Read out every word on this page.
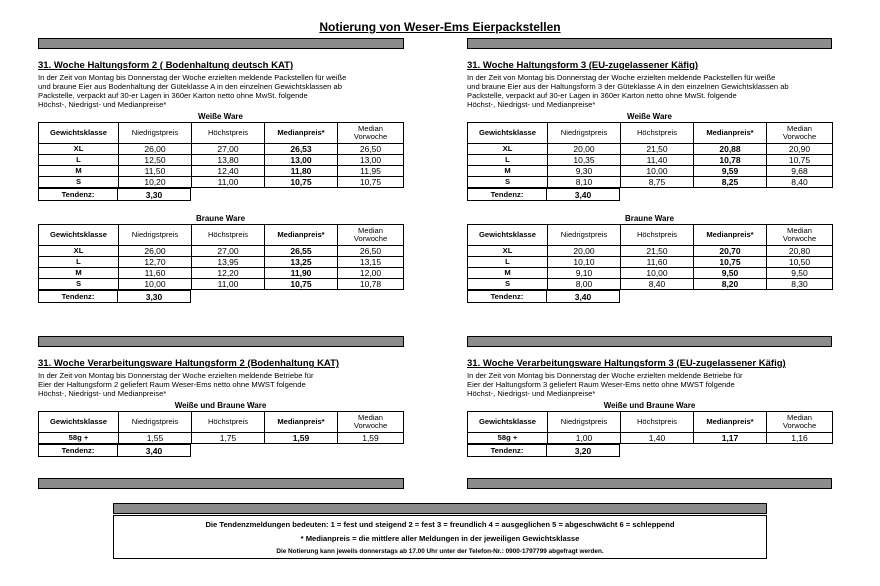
Notierung von Weser-Ems Eierpackstellen
31. Woche Haltungsform 2 ( Bodenhaltung deutsch KAT)
In der Zeit von Montag bis Donnerstag der Woche erzielten meldende Packstellen für weiße
und braune Eier aus Bodenhaltung der Güteklasse A in den einzelnen Gewichtsklassen ab
Packstelle, verpackt auf 30-er Lagen in 360er Karton netto ohne MwSt. folgende
Höchst-, Niedrigst- und Medianpreise*
Weiße Ware
Gewichtsklasse	Niedrigstpreis	Höchstpreis	Medianpreis*	Median
Vorwoche

XL	26,00	27,00	26,53	26,50
L	12,50	13,80	13,00	13,00
M	11,50	12,40	11,80	11,95
S	10,20	11,00	10,75	10,75
Tendenz:	3,30
Braune Ware
Gewichtsklasse	Niedrigstpreis	Höchstpreis	Medianpreis*	Median
Vorwoche

XL	26,00	27,00	26,55	26,50
L	12,70	13,95	13,25	13,15
M	11,60	12,20	11,90	12,00
S	10,00	11,00	10,75	10,78
Tendenz:	3,30
31. Woche Verarbeitungsware Haltungsform 2 (Bodenhaltung KAT)
In der Zeit von Montag bis Donnerstag der Woche erzielten meldende Betriebe für
Eier der Haltungsform 2 geliefert Raum Weser-Ems netto ohne MWST folgende
Höchst-, Niedrigst- und Medianpreise*
Weiße und Braune Ware
Gewichtsklasse	Niedrigstpreis	Höchstpreis	Medianpreis*	Median
Vorwoche

58g +	1,55	1,75	1,59	1,59
Tendenz:	3,40
31. Woche Haltungsform 3 (EU-zugelassener Käfig)
In der Zeit von Montag bis Donnerstag der Woche erzielten meldende Packstellen für weiße
und braune Eier aus der Haltungsform 3 der Güteklasse A in den einzelnen Gewichtsklassen ab
Packstelle, verpackt auf 30-er Lagen in 360er Karton netto ohne MwSt. folgende
Höchst-, Niedrigst- und Medianpreise*
Weiße Ware
Gewichtsklasse	Niedrigstpreis	Höchstpreis	Medianpreis*	Median
Vorwoche

XL	20,00	21,50	20,88	20,90
L	10,35	11,40	10,78	10,75
M	9,30	10,00	9,59	9,68
S	8,10	8,75	8,25	8,40
Tendenz:	3,40
Braune Ware
Gewichtsklasse	Niedrigstpreis	Höchstpreis	Medianpreis*	Median
Vorwoche

XL	20,00	21,50	20,70	20,80
L	10,10	11,60	10,75	10,50
M	9,10	10,00	9,50	9,50
S	8,00	8,40	8,20	8,30
Tendenz:	3,40
31. Woche Verarbeitungsware Haltungsform 3 (EU-zugelassener Käfig)
In der Zeit von Montag bis Donnerstag der Woche erzielten meldende Betriebe für
Eier der Haltungsform 3 geliefert Raum Weser-Ems netto ohne MWST folgende
Höchst-, Niedrigst- und Medianpreise*
Weiße und Braune Ware
Gewichtsklasse	Niedrigstpreis	Höchstpreis	Medianpreis*	Median
Vorwoche

58g +	1,00	1,40	1,17	1,16
Tendenz:	3,20
Die Tendenzmeldungen bedeuten: 1 = fest und steigend 2 = fest 3 = freundlich 4 = ausgeglichen 5 = abgeschwächt 6 = schleppend
* Medianpreis = die mittlere aller Meldungen in der jeweiligen Gewichtsklasse
Die Notierung kann jeweils donnerstags ab 17.00 Uhr unter der Telefon-Nr.: 0900-1797799 abgefragt werden.
